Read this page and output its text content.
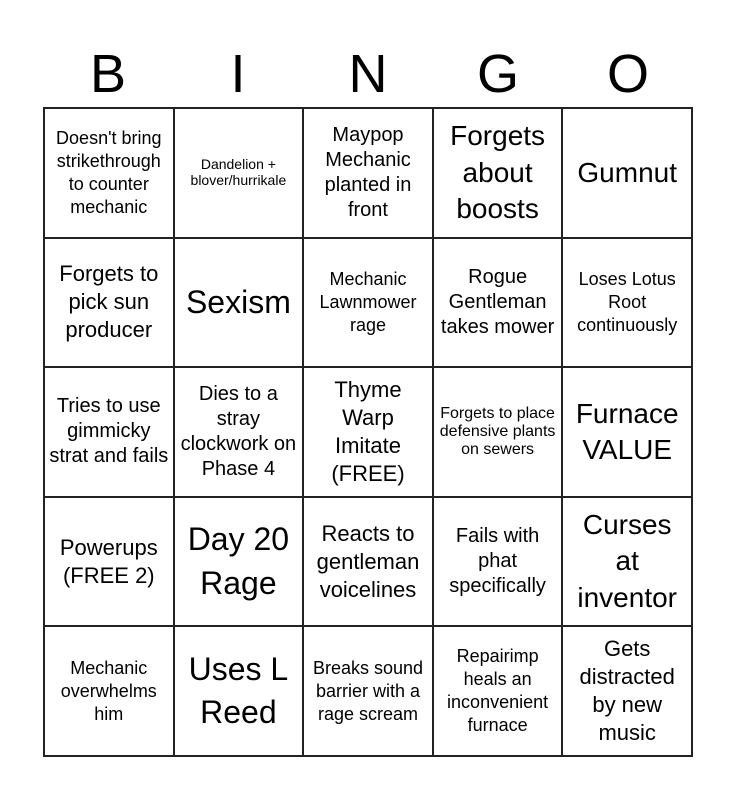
B	I	N	G	O
Doesn't bring strikethrough to counter mechanic
Dandelion + blover/hurrikale
Maypop Mechanic planted in front
Forgets about boosts
Gumnut
Forgets to pick sun producer
Sexism
Mechanic Lawnmower rage
Rogue Gentleman takes mower
Loses Lotus Root continuously
Tries to use gimmicky strat and fails
Dies to a stray clockwork on Phase 4
Thyme Warp Imitate (FREE)
Forgets to place defensive plants on sewers
Furnace VALUE
Powerups (FREE 2)
Day 20 Rage
Reacts to gentleman voicelines
Fails with phat specifically
Curses at inventor
Mechanic overwhelms him
Uses L Reed
Breaks sound barrier with a rage scream
Repairimp heals an inconvenient furnace
Gets distracted by new music
